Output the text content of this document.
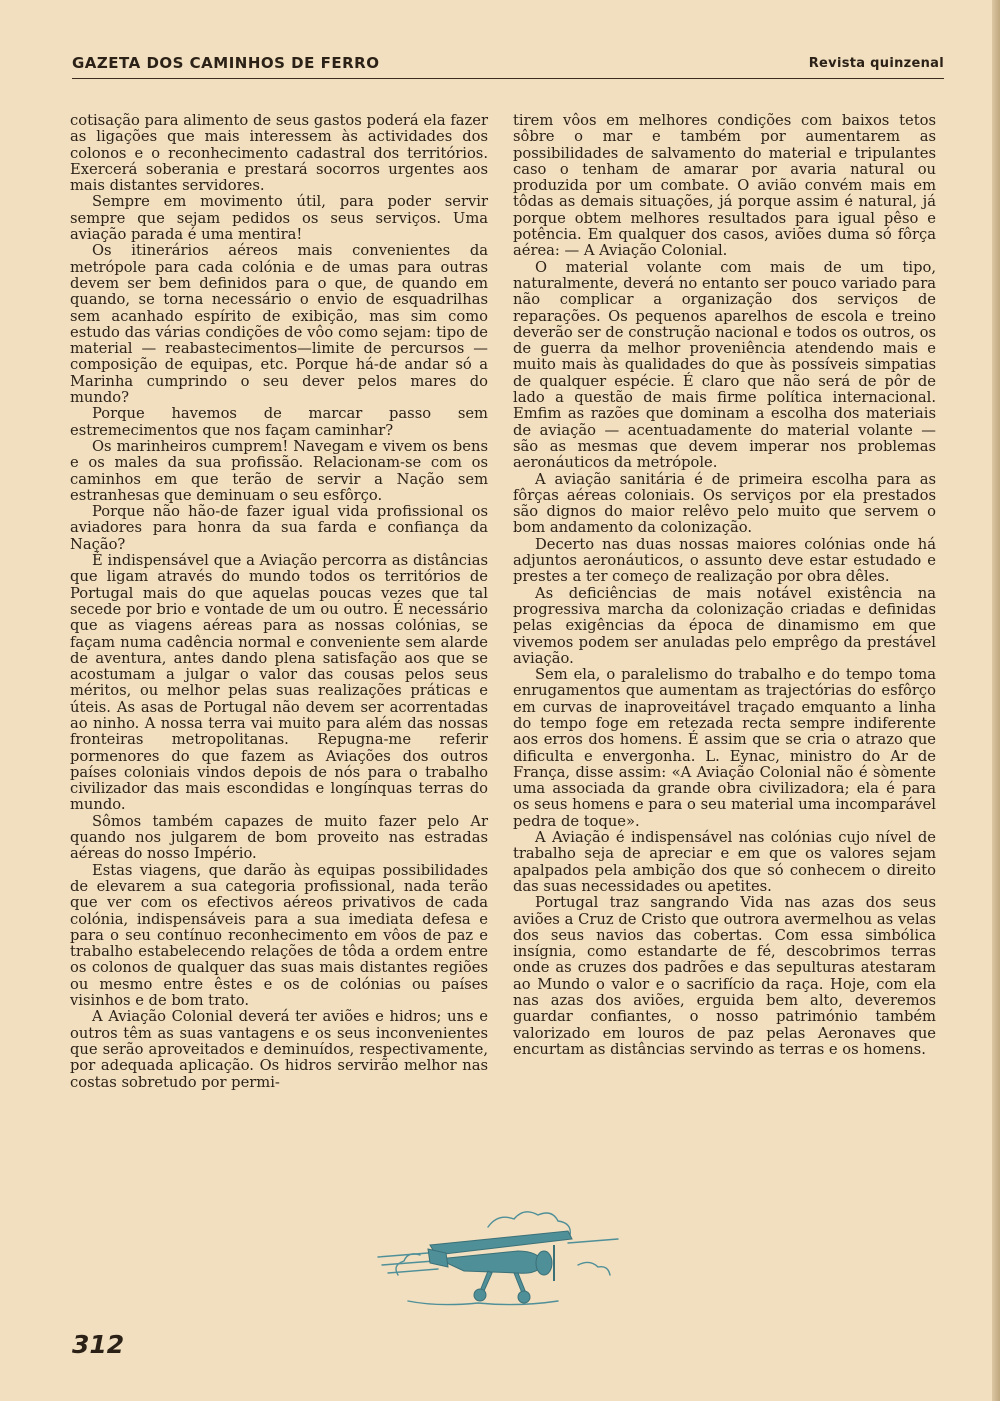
GAZETA DOS CAMINHOS DE FERRO	Revista quinzenal

cotisação para alimento de seus gastos poderá ela fazer as ligações que mais interessem às actividades dos colonos e o reconhecimento cadastral dos territórios. Exercerá soberania e prestará socorros urgentes aos mais distantes servidores.

Sempre em movimento útil, para poder servir sempre que sejam pedidos os seus serviços. Uma aviação parada é uma mentira!

Os itinerários aéreos mais convenientes da metrópole para cada colónia e de umas para outras devem ser bem definidos para o que, de quando em quando, se torna necessário o envio de esquadrilhas sem acanhado espírito de exibição, mas sim como estudo das várias condições de vôo como sejam: tipo de material — reabastecimentos—limite de percursos — composição de equipas, etc. Porque há-de andar só a Marinha cumprindo o seu dever pelos mares do mundo?

Porque havemos de marcar passo sem estremecimentos que nos façam caminhar?

Os marinheiros cumprem! Navegam e vivem os bens e os males da sua profissão. Relacionam-se com os caminhos em que terão de servir a Nação sem estranhesas que deminuam o seu esfôrço.

Porque não hão-de fazer igual vida profissional os aviadores para honra da sua farda e confiança da Nação?

É indispensável que a Aviação percorra as distâncias que ligam através do mundo todos os territórios de Portugal mais do que aquelas poucas vezes que tal secede por brio e vontade de um ou outro. É necessário que as viagens aéreas para as nossas colónias, se façam numa cadência normal e conveniente sem alarde de aventura, antes dando plena satisfação aos que se acostumam a julgar o valor das cousas pelos seus méritos, ou melhor pelas suas realizações práticas e úteis. As asas de Portugal não devem ser acorrentadas ao ninho. A nossa terra vai muito para além das nossas fronteiras metropolitanas. Repugna-me referir pormenores do que fazem as Aviações dos outros países coloniais vindos depois de nós para o trabalho civilizador das mais escondidas e longínquas terras do mundo.

Sômos também capazes de muito fazer pelo Ar quando nos julgarem de bom proveito nas estradas aéreas do nosso Império.

Estas viagens, que darão às equipas possibilidades de elevarem a sua categoria profissional, nada terão que ver com os efectivos aéreos privativos de cada colónia, indispensáveis para a sua imediata defesa e para o seu contínuo reconhecimento em vôos de paz e trabalho estabelecendo relações de tôda a ordem entre os colonos de qualquer das suas mais distantes regiões ou mesmo entre êstes e os de colónias ou países visinhos e de bom trato.

A Aviação Colonial deverá ter aviões e hidros; uns e outros têm as suas vantagens e os seus inconvenientes que serão aproveitados e deminuídos, respectivamente, por adequada aplicação. Os hidros servirão melhor nas costas sobretudo por permi-

tirem vôos em melhores condições com baixos tetos sôbre o mar e também por aumentarem as possibilidades de salvamento do material e tripulantes caso o tenham de amarar por avaria natural ou produzida por um combate. O avião convém mais em tôdas as demais situações, já porque assim é natural, já porque obtem melhores resultados para igual pêso e potência. Em qualquer dos casos, aviões duma só fôrça aérea: — A Aviação Colonial.

O material volante com mais de um tipo, naturalmente, deverá no entanto ser pouco variado para não complicar a organização dos serviços de reparações. Os pequenos aparelhos de escola e treino deverão ser de construção nacional e todos os outros, os de guerra da melhor proveniência atendendo mais e muito mais às qualidades do que às possíveis simpatias de qualquer espécie. É claro que não será de pôr de lado a questão de mais firme política internacional. Emfim as razões que dominam a escolha dos materiais de aviação — acentuadamente do material volante — são as mesmas que devem imperar nos problemas aeronáuticos da metrópole.

A aviação sanitária é de primeira escolha para as fôrças aéreas coloniais. Os serviços por ela prestados são dignos do maior relêvo pelo muito que servem o bom andamento da colonização.

Decerto nas duas nossas maiores colónias onde há adjuntos aeronáuticos, o assunto deve estar estudado e prestes a ter começo de realização por obra dêles.

As deficiências de mais notável existência na progressiva marcha da colonização criadas e definidas pelas exigências da época de dinamismo em que vivemos podem ser anuladas pelo emprêgo da prestável aviação.

Sem ela, o paralelismo do trabalho e do tempo toma enrugamentos que aumentam as trajectórias do esfôrço em curvas de inaproveitável traçado emquanto a linha do tempo foge em retezada recta sempre indiferente aos erros dos homens. É assim que se cria o atrazo que dificulta e envergonha. L. Eynac, ministro do Ar de França, disse assim: «A Aviação Colonial não é sòmente uma associada da grande obra civilizadora; ela é para os seus homens e para o seu material uma incomparável pedra de toque».

A Aviação é indispensável nas colónias cujo nível de trabalho seja de apreciar e em que os valores sejam apalpados pela ambição dos que só conhecem o direito das suas necessidades ou apetites.

Portugal traz sangrando Vida nas azas dos seus aviões a Cruz de Cristo que outrora avermelhou as velas dos seus navios das cobertas. Com essa simbólica insígnia, como estandarte de fé, descobrimos terras onde as cruzes dos padrões e das sepulturas atestaram ao Mundo o valor e o sacrifício da raça. Hoje, com ela nas azas dos aviões, erguida bem alto, deveremos guardar confiantes, o nosso património também valorizado em louros de paz pelas Aeronaves que encurtam as distâncias servindo as terras e os homens.

312
